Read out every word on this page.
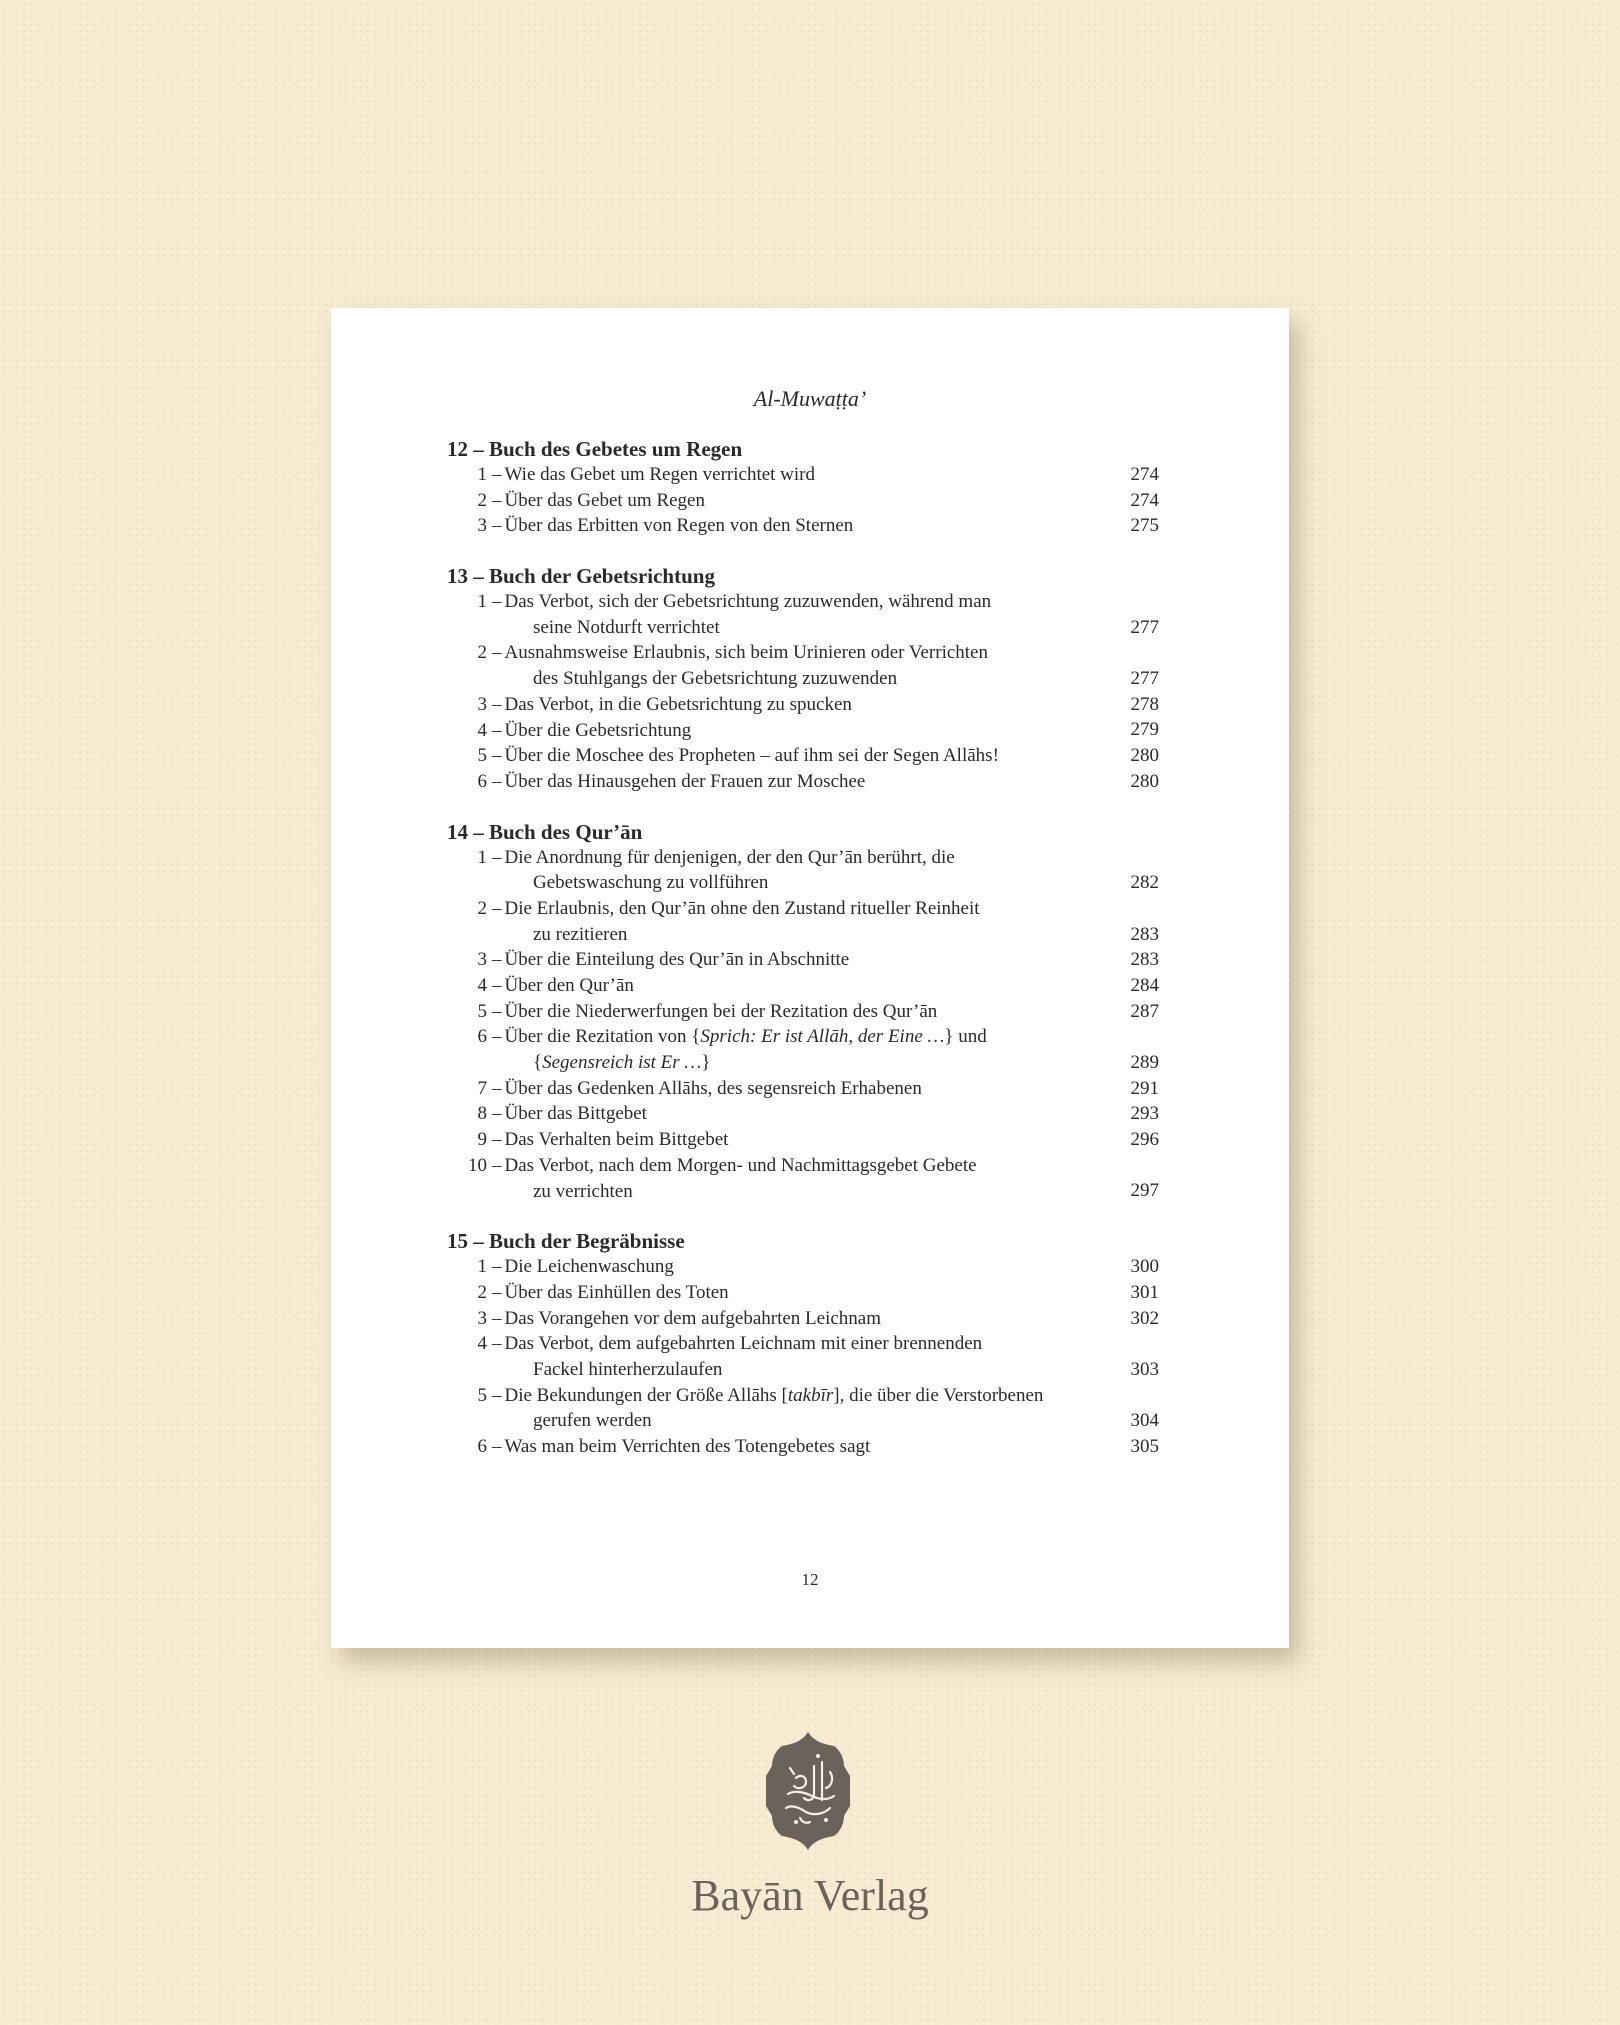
Al-Muwaṭṭa’
12 – Buch des Gebetes um Regen
1 – Wie das Gebet um Regen verrichtet wird	274
2 – Über das Gebet um Regen	274
3 – Über das Erbitten von Regen von den Sternen	275
13 – Buch der Gebetsrichtung
1 – Das Verbot, sich der Gebetsrichtung zuzuwenden, während man
seine Notdurft verrichtet	277
2 – Ausnahmsweise Erlaubnis, sich beim Urinieren oder Verrichten
des Stuhlgangs der Gebetsrichtung zuzuwenden	277
3 – Das Verbot, in die Gebetsrichtung zu spucken	278
4 – Über die Gebetsrichtung	279
5 – Über die Moschee des Propheten – auf ihm sei der Segen Allāhs!	280
6 – Über das Hinausgehen der Frauen zur Moschee	280
14 – Buch des Qur’ān
1 – Die Anordnung für denjenigen, der den Qur’ān berührt, die
Gebetswaschung zu vollführen	282
2 – Die Erlaubnis, den Qur’ān ohne den Zustand ritueller Reinheit
zu rezitieren	283
3 – Über die Einteilung des Qur’ān in Abschnitte	283
4 – Über den Qur’ān	284
5 – Über die Niederwerfungen bei der Rezitation des Qur’ān	287
6 – Über die Rezitation von {Sprich: Er ist Allāh, der Eine …} und
{Segensreich ist Er …}	289
7 – Über das Gedenken Allāhs, des segensreich Erhabenen	291
8 – Über das Bittgebet	293
9 – Das Verhalten beim Bittgebet	296
10 – Das Verbot, nach dem Morgen- und Nachmittagsgebet Gebete
zu verrichten	297
15 – Buch der Begräbnisse
1 – Die Leichenwaschung	300
2 – Über das Einhüllen des Toten	301
3 – Das Vorangehen vor dem aufgebahrten Leichnam	302
4 – Das Verbot, dem aufgebahrten Leichnam mit einer brennenden
Fackel hinterherzulaufen	303
5 – Die Bekundungen der Größe Allāhs [takbīr], die über die Verstorbenen
gerufen werden	304
6 – Was man beim Verrichten des Totengebetes sagt	305
12
Bayān Verlag
